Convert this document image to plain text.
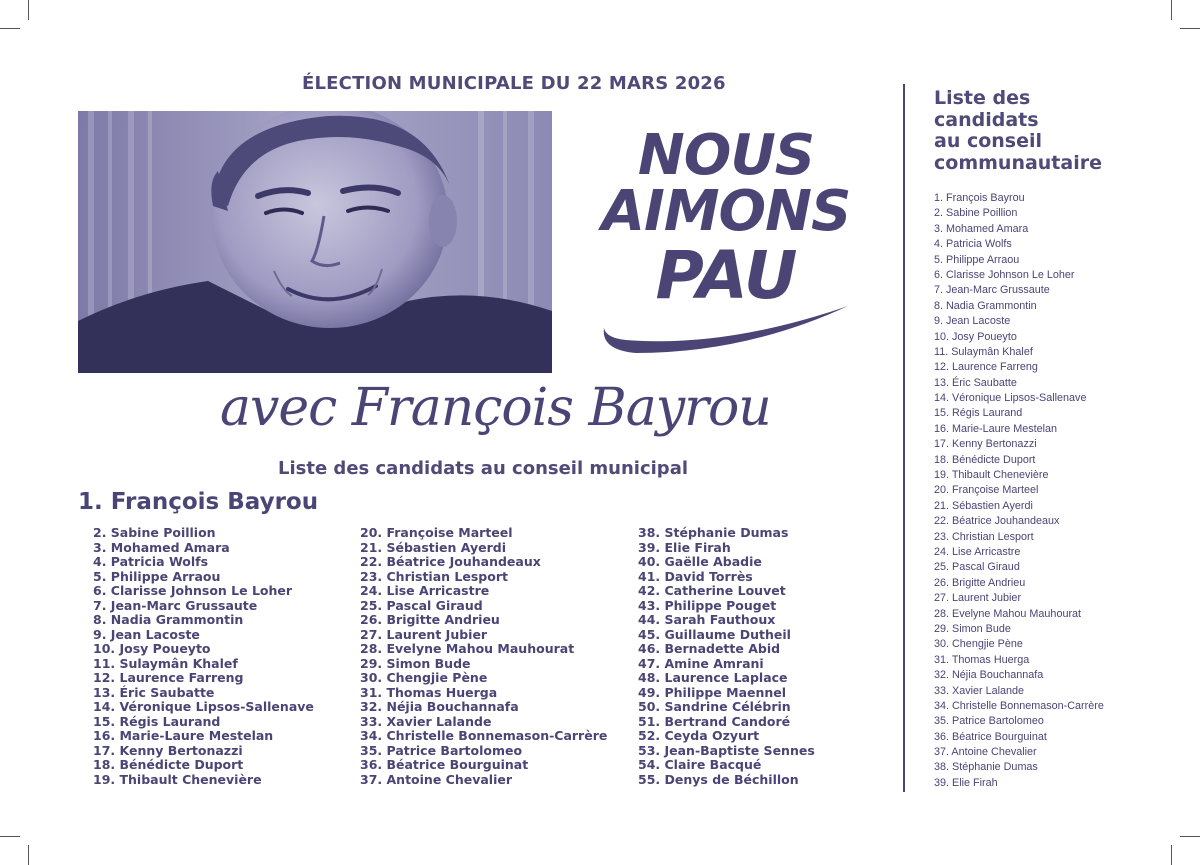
ÉLECTION MUNICIPALE DU 22 MARS 2026
NOUS
AIMONS
PAU
avec François Bayrou
Liste des candidats au conseil municipal
1. François Bayrou
2. Sabine Poillion
3. Mohamed Amara
4. Patricia Wolfs
5. Philippe Arraou
6. Clarisse Johnson Le Loher
7. Jean-Marc Grussaute
8. Nadia Grammontin
9. Jean Lacoste
10. Josy Poueyto
11. Sulaymân Khalef
12. Laurence Farreng
13. Éric Saubatte
14. Véronique Lipsos-Sallenave
15. Régis Laurand
16. Marie-Laure Mestelan
17. Kenny Bertonazzi
18. Bénédicte Duport
19. Thibault Chenevière
20. Françoise Marteel
21. Sébastien Ayerdi
22. Béatrice Jouhandeaux
23. Christian Lesport
24. Lise Arricastre
25. Pascal Giraud
26. Brigitte Andrieu
27. Laurent Jubier
28. Evelyne Mahou Mauhourat
29. Simon Bude
30. Chengjie Pène
31. Thomas Huerga
32. Néjia Bouchannafa
33. Xavier Lalande
34. Christelle Bonnemason-Carrère
35. Patrice Bartolomeo
36. Béatrice Bourguinat
37. Antoine Chevalier
38. Stéphanie Dumas
39. Elie Firah
40. Gaëlle Abadie
41. David Torrès
42. Catherine Louvet
43. Philippe Pouget
44. Sarah Fauthoux
45. Guillaume Dutheil
46. Bernadette Abid
47. Amine Amrani
48. Laurence Laplace
49. Philippe Maennel
50. Sandrine Célébrin
51. Bertrand Candoré
52. Ceyda Ozyurt
53. Jean-Baptiste Sennes
54. Claire Bacqué
55. Denys de Béchillon
Liste des
candidats
au conseil
communautaire
1. François Bayrou
2. Sabine Poillion
3. Mohamed Amara
4. Patricia Wolfs
5. Philippe Arraou
6. Clarisse Johnson Le Loher
7. Jean-Marc Grussaute
8. Nadia Grammontin
9. Jean Lacoste
10. Josy Poueyto
11. Sulaymân Khalef
12. Laurence Farreng
13. Éric Saubatte
14. Véronique Lipsos-Sallenave
15. Régis Laurand
16. Marie-Laure Mestelan
17. Kenny Bertonazzi
18. Bénédicte Duport
19. Thibault Chenevière
20. Françoise Marteel
21. Sébastien Ayerdi
22. Béatrice Jouhandeaux
23. Christian Lesport
24. Lise Arricastre
25. Pascal Giraud
26. Brigitte Andrieu
27. Laurent Jubier
28. Evelyne Mahou Mauhourat
29. Simon Bude
30. Chengjie Pène
31. Thomas Huerga
32. Néjia Bouchannafa
33. Xavier Lalande
34. Christelle Bonnemason-Carrère
35. Patrice Bartolomeo
36. Béatrice Bourguinat
37. Antoine Chevalier
38. Stéphanie Dumas
39. Elie Firah
